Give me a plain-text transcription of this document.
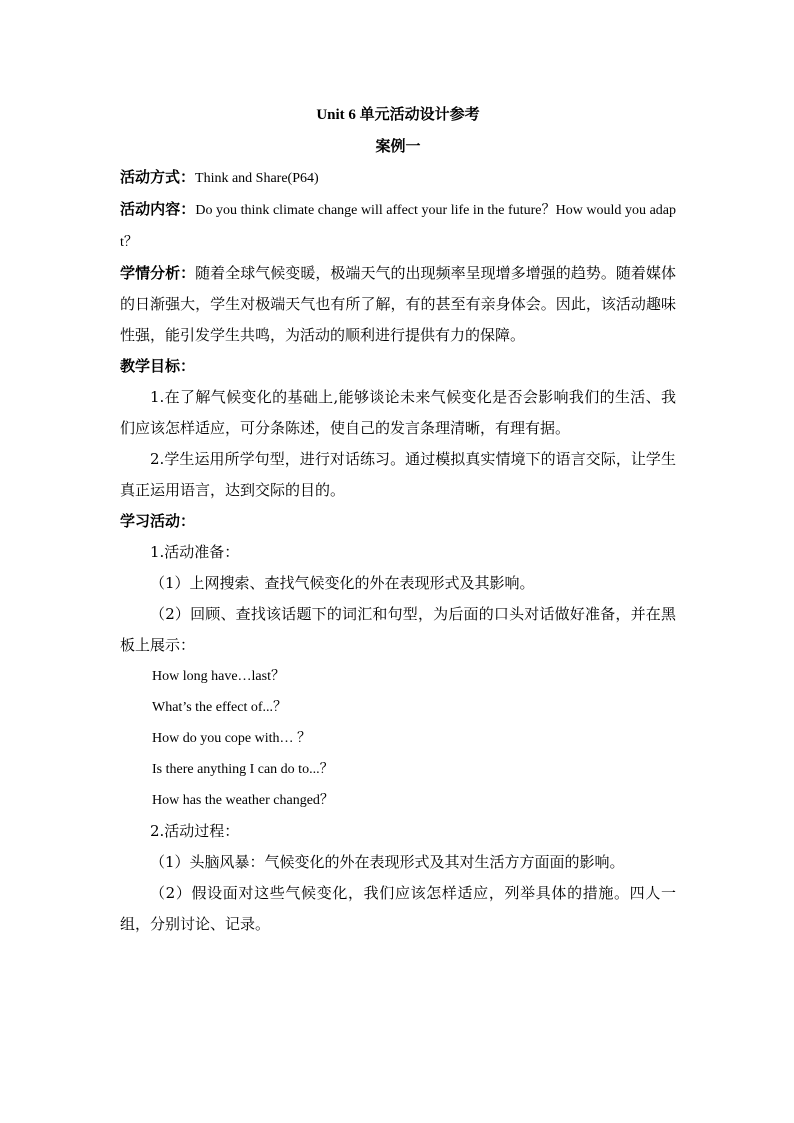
Unit 6 单元活动设计参考
案例一

活动方式：Think and Share(P64)

活动内容：Do you think climate change will affect your life in the future？How would you adapt？

学情分析：随着全球气候变暖，极端天气的出现频率呈现增多增强的趋势。随着媒体的日渐强大，学生对极端天气也有所了解，有的甚至有亲身体会。因此，该活动趣味性强，能引发学生共鸣，为活动的顺利进行提供有力的保障。

教学目标：

1.在了解气候变化的基础上,能够谈论未来气候变化是否会影响我们的生活、我们应该怎样适应，可分条陈述，使自己的发言条理清晰，有理有据。

2.学生运用所学句型，进行对话练习。通过模拟真实情境下的语言交际，让学生真正运用语言，达到交际的目的。

学习活动：

1.活动准备：

（1）上网搜索、查找气候变化的外在表现形式及其影响。

（2）回顾、查找该话题下的词汇和句型，为后面的口头对话做好准备，并在黑板上展示：

How long have…last？

What’s the effect of...？

How do you cope with… ？

Is there anything I can do to...？

How has the weather changed？

2.活动过程：

（1）头脑风暴：气候变化的外在表现形式及其对生活方方面面的影响。

（2）假设面对这些气候变化，我们应该怎样适应，列举具体的措施。四人一组，分别讨论、记录。
